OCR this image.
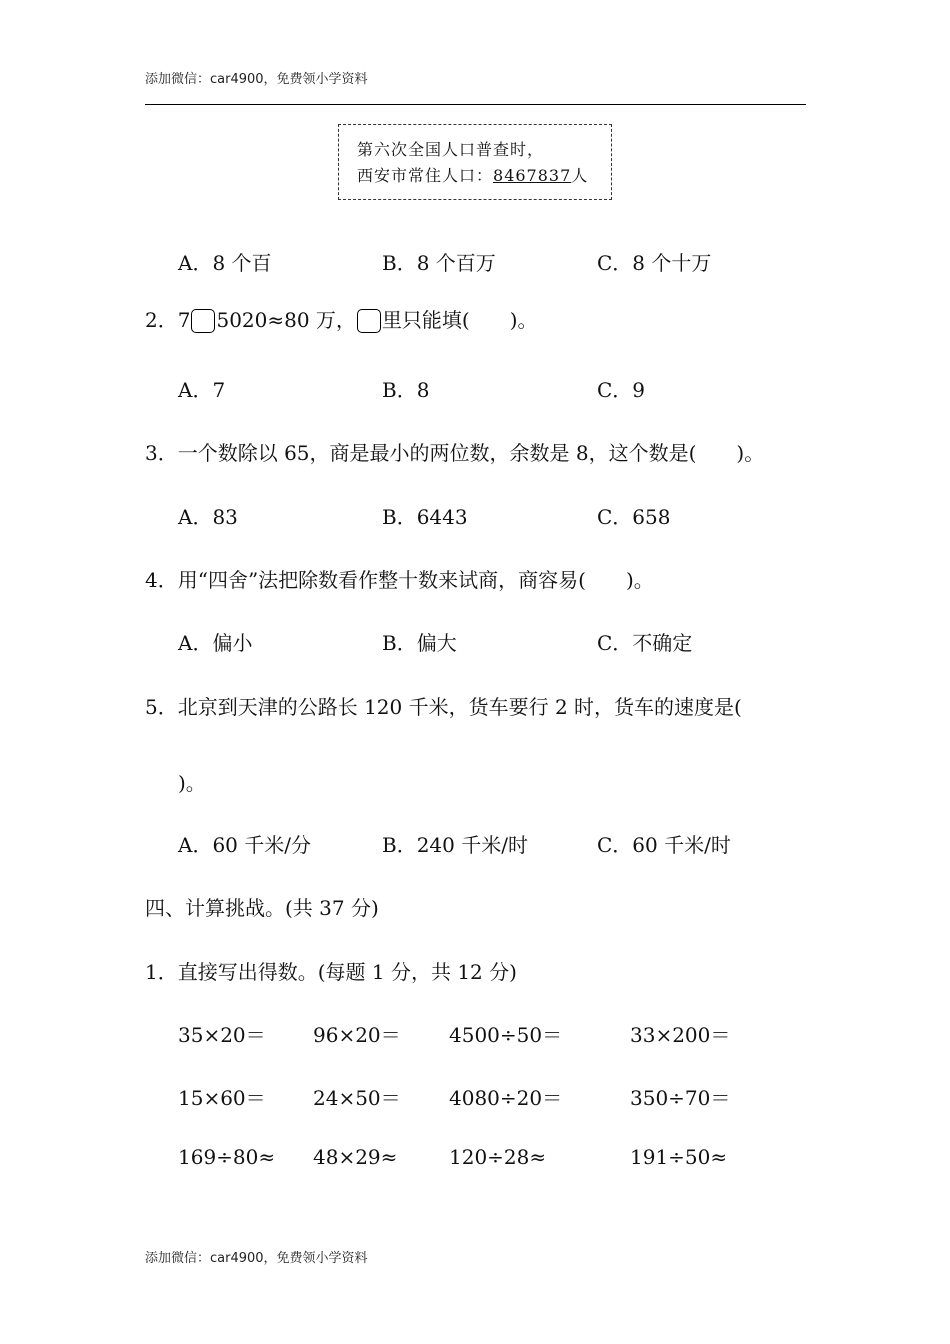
添加微信：car4900，免费领小学资料
第六次全国人口普查时，
西安市常住人口：8467837人
A．8 个百	B．8 个百万	C．8 个十万
2．7 5020≈80 万， 里只能填(　　)。
A．7	B．8	C．9
3．一个数除以 65，商是最小的两位数，余数是 8，这个数是(　　)。
A．83	B．6443	C．658
4．用“四舍”法把除数看作整十数来试商，商容易(　　)。
A．偏小	B．偏大	C．不确定
5．北京到天津的公路长 120 千米，货车要行 2 时，货车的速度是(
)。
A．60 千米/分	B．240 千米/时	C．60 千米/时
四、计算挑战。(共 37 分)
1．直接写出得数。(每题 1 分，共 12 分)
35×20＝ 96×20＝ 4500÷50＝	33×200＝
15×60＝ 24×50＝ 4080÷20＝	350÷70＝
169÷80≈ 48×29≈	120÷28≈	191÷50≈
添加微信：car4900，免费领小学资料
